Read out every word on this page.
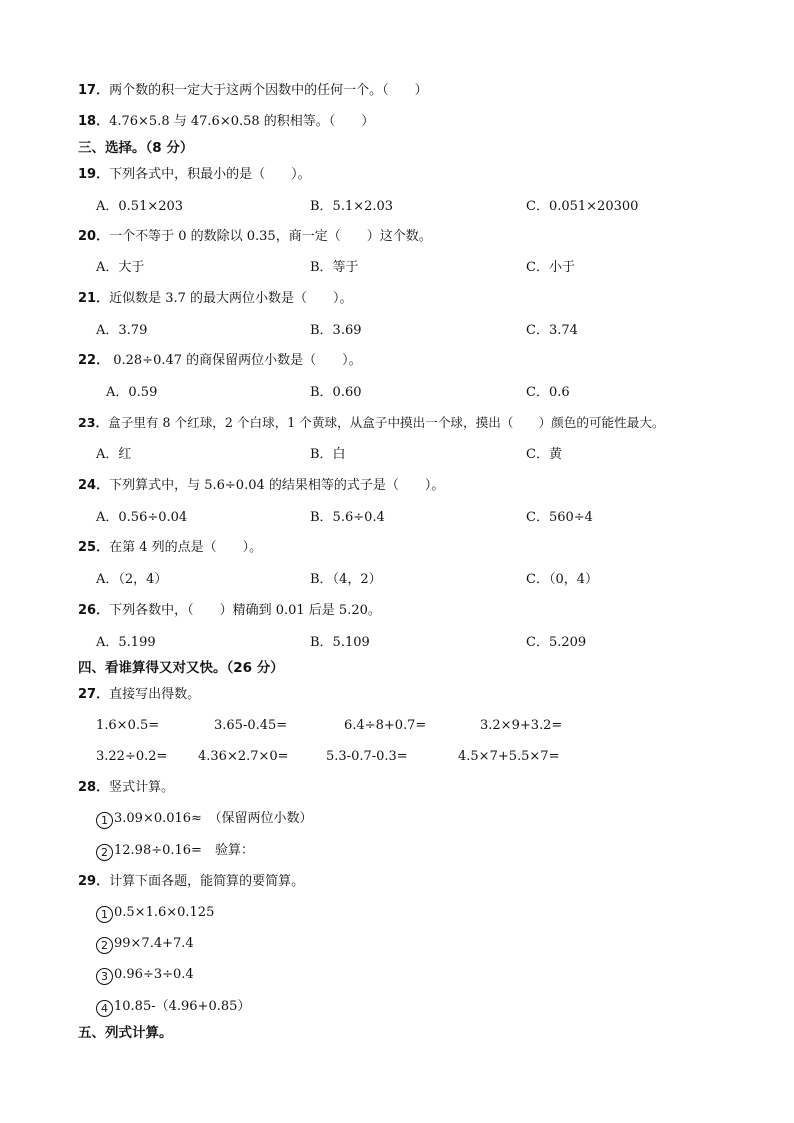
17．两个数的积一定大于这两个因数中的任何一个。（　　）
18．4.76×5.8 与 47.6×0.58 的积相等。（　　）
三、选择。（8 分）
19．下列各式中，积最小的是（　　）。
A．0.51×203	B．5.1×2.03	C．0.051×20300
20．一个不等于 0 的数除以 0.35，商一定（　　）这个数。
A．大于	B．等于	C．小于
21．近似数是 3.7 的最大两位小数是（　　）。
A．3.79	B．3.69	C．3.74
22． 0.28÷0.47 的商保留两位小数是（　　）。
A．0.59	B．0.60	C．0.6
23．盒子里有 8 个红球，2 个白球，1 个黄球，从盒子中摸出一个球，摸出（　　）颜色的可能性最大。
A．红	B．白	C．黄
24．下列算式中，与 5.6÷0.04 的结果相等的式子是（　　）。
A．0.56÷0.04	B．5.6÷0.4	C．560÷4
25．在第 4 列的点是（　　）。
A．（2，4）	B．（4，2）	C．（0，4）
26．下列各数中，（　　）精确到 0.01 后是 5.20。
A．5.199	B．5.109	C．5.209
四、看谁算得又对又快。（26 分）
27．直接写出得数。
1.6×0.5=	3.65-0.45=	6.4÷8+0.7=	3.2×9+3.2=
3.22÷0.2= 4.36×2.7×0=	5.3-0.7-0.3=	4.5×7+5.5×7=
28．竖式计算。
1 3.09×0.016≈　（保留两位小数）
2 12.98÷0.16=　验算：
29．计算下面各题，能简算的要简算。
1 0.5×1.6×0.125
2 99×7.4+7.4
3 0.96÷3÷0.4
4 10.85-（4.96+0.85）
五、列式计算。
